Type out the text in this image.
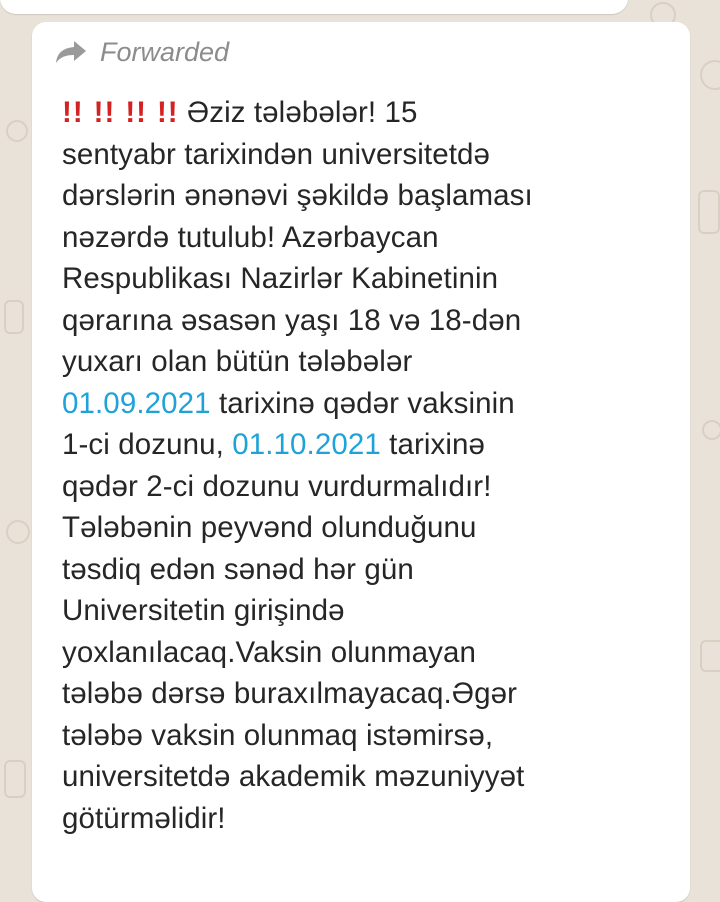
Forwarded
!! !! !! !! Əziz tələbələr! 15
sentyabr tarixindən universitetdə
dərslərin ənənəvi şəkildə başlaması
nəzərdə tutulub! Azərbaycan
Respublikası Nazirlər Kabinetinin
qərarına əsasən yaşı 18 və 18-dən
yuxarı olan bütün tələbələr
01.09.2021 tarixinə qədər vaksinin
1-ci dozunu, 01.10.2021 tarixinə
qədər 2-ci dozunu vurdurmalıdır!
Tələbənin peyvənd olunduğunu
təsdiq edən sənəd hər gün
Universitetin girişində
yoxlanılacaq.Vaksin olunmayan
tələbə dərsə buraxılmayacaq.Əgər
tələbə vaksin olunmaq istəmirsə,
universitetdə akademik məzuniyyət
götürməlidir!
